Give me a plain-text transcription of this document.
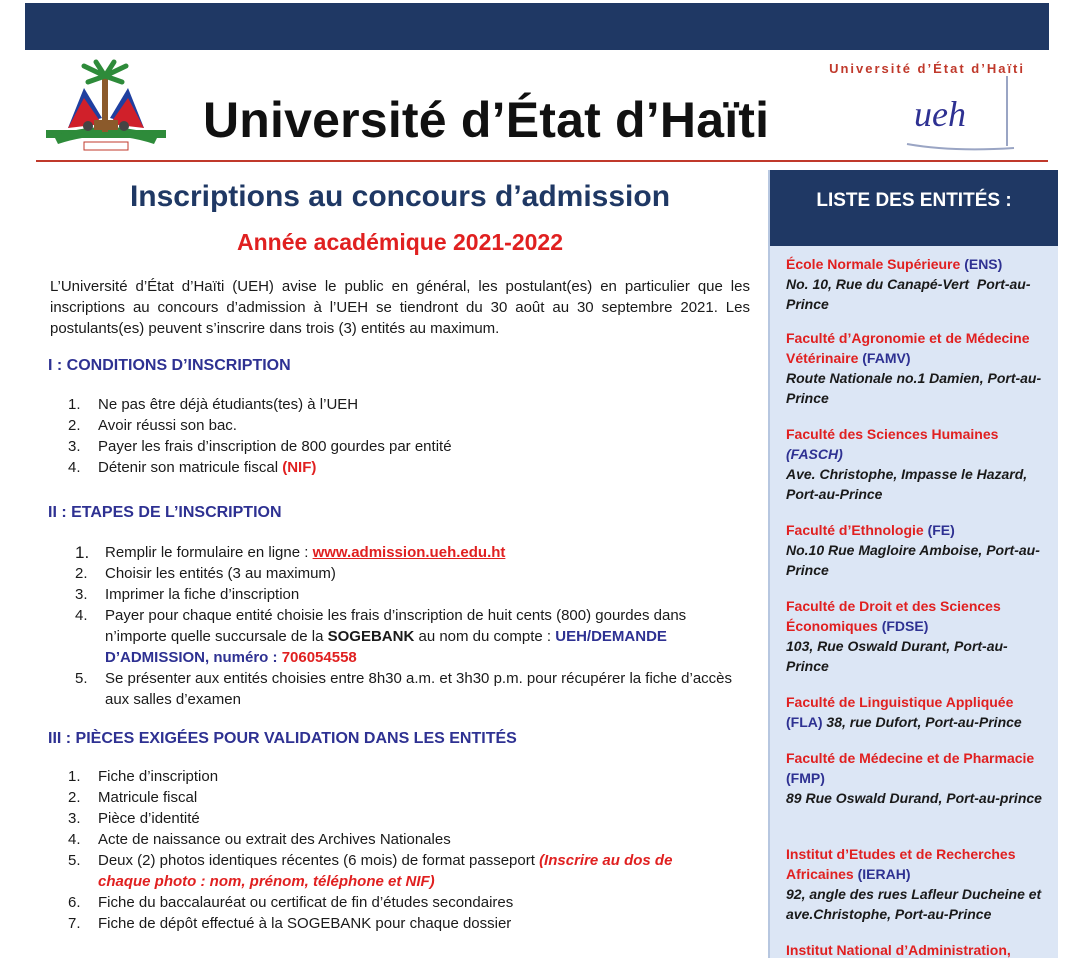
Université d’État d’Haïti
Université d’État d’Haïti
ueh
Inscriptions au concours d’admission
Année académique 2021-2022
L’Université d’État d’Haïti (UEH) avise le public en général, les postulant(es) en particulier que les inscriptions au concours d’admission à l’UEH se tiendront du 30 août au 30 septembre 2021. Les postulants(es) peuvent s’inscrire dans trois (3) entités au maximum.
I : CONDITIONS D’INSCRIPTION
1.	Ne pas être déjà étudiants(tes) à l’UEH
2.	Avoir réussi son bac.
3.	Payer les frais d’inscription de 800 gourdes par entité
4.	Détenir son matricule fiscal (NIF)
II : ETAPES DE L’INSCRIPTION
1.	Remplir le formulaire en ligne : www.admission.ueh.edu.ht
2.	Choisir les entités (3 au maximum)
3.	Imprimer la fiche d’inscription
4.	Payer pour chaque entité choisie les frais d’inscription de huit cents (800) gourdes dans n’importe quelle succursale de la SOGEBANK au nom du compte : UEH/DEMANDE D’ADMISSION, numéro : 706054558
5.	Se présenter aux entités choisies entre 8h30 a.m. et 3h30 p.m. pour récupérer la fiche d’accès aux salles d’examen
III : PIÈCES EXIGÉES POUR VALIDATION DANS LES ENTITÉS
1.	Fiche d’inscription
2.	Matricule fiscal
3.	Pièce d’identité
4.	Acte de naissance ou extrait des Archives Nationales
5.	Deux (2) photos identiques récentes (6 mois) de format passeport (Inscrire au dos de chaque photo : nom, prénom, téléphone et NIF)
6.	Fiche du baccalauréat ou certificat de fin d’études secondaires
7.	Fiche de dépôt effectué à la SOGEBANK pour chaque dossier
LISTE DES ENTITÉS :
École Normale Supérieure (ENS)
No. 10, Rue du Canapé-Vert  Port-au-Prince
Faculté d’Agronomie et de Médecine Vétérinaire (FAMV)
Route Nationale no.1 Damien, Port-au-Prince
Faculté des Sciences Humaines
(FASCH)
Ave. Christophe, Impasse le Hazard, Port-au-Prince
Faculté d’Ethnologie (FE)
No.10 Rue Magloire Amboise, Port-au-Prince
Faculté de Droit et des Sciences Économiques (FDSE)
103, Rue Oswald Durant, Port-au-Prince
Faculté de Linguistique Appliquée (FLA) 38, rue Dufort, Port-au-Prince
Faculté de Médecine et de Pharmacie (FMP)
89 Rue Oswald Durand, Port-au-prince
Institut d’Etudes et de Recherches Africaines (IERAH)
92, angle des rues Lafleur Ducheine et ave.Christophe, Port-au-Prince
Institut National d’Administration,
